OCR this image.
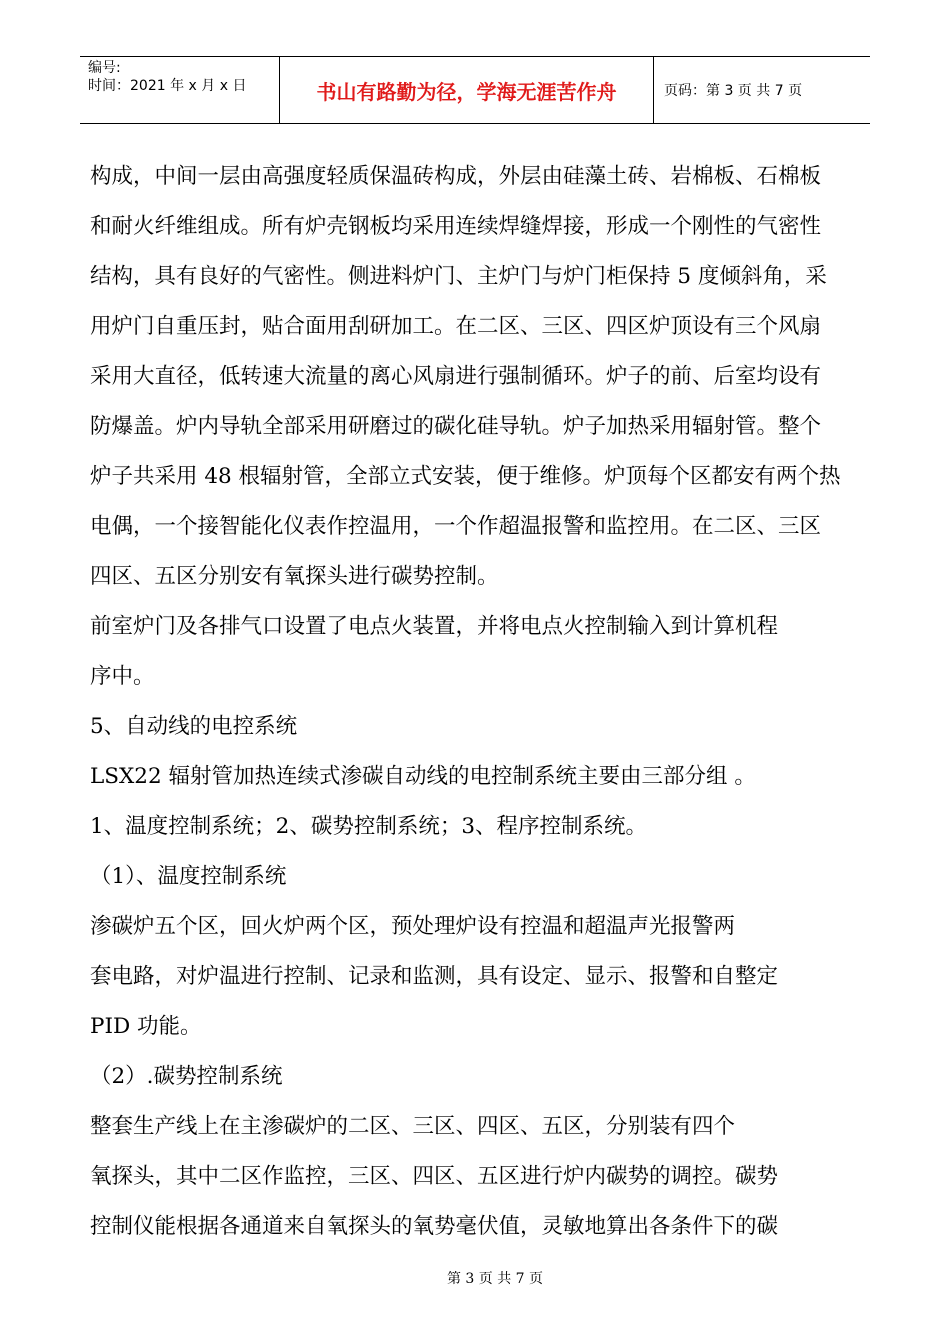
编号:
时间：2021 年 x 月 x 日	书山有路勤为径，学海无涯苦作舟	页码：第 3 页 共 7 页
构成，中间一层由高强度轻质保温砖构成，外层由硅藻土砖、岩棉板、石棉板
和耐火纤维组成。所有炉壳钢板均采用连续焊缝焊接，形成一个刚性的气密性
结构，具有良好的气密性。侧进料炉门、主炉门与炉门柜保持 5 度倾斜角，采
用炉门自重压封，贴合面用刮研加工。在二区、三区、四区炉顶设有三个风扇
采用大直径，低转速大流量的离心风扇进行强制循环。炉子的前、后室均设有
防爆盖。炉内导轨全部采用研磨过的碳化硅导轨。炉子加热采用辐射管。整个
炉子共采用 48 根辐射管，全部立式安装，便于维修。炉顶每个区都安有两个热
电偶，一个接智能化仪表作控温用，一个作超温报警和监控用。在二区、三区
四区、五区分别安有氧探头进行碳势控制。
前室炉门及各排气口设置了电点火装置，并将电点火控制输入到计算机程
序中。
5、自动线的电控系统
LSX22 辐射管加热连续式渗碳自动线的电控制系统主要由三部分组 。
1、温度控制系统；2、碳势控制系统；3、程序控制系统。
（1）、温度控制系统
渗碳炉五个区，回火炉两个区，预处理炉设有控温和超温声光报警两
套电路，对炉温进行控制、记录和监测，具有设定、显示、报警和自整定
PID 功能。
（2）.碳势控制系统
整套生产线上在主渗碳炉的二区、三区、四区、五区，分别装有四个
氧探头，其中二区作监控，三区、四区、五区进行炉内碳势的调控。碳势
控制仪能根据各通道来自氧探头的氧势毫伏值，灵敏地算出各条件下的碳
第 3 页 共 7 页
